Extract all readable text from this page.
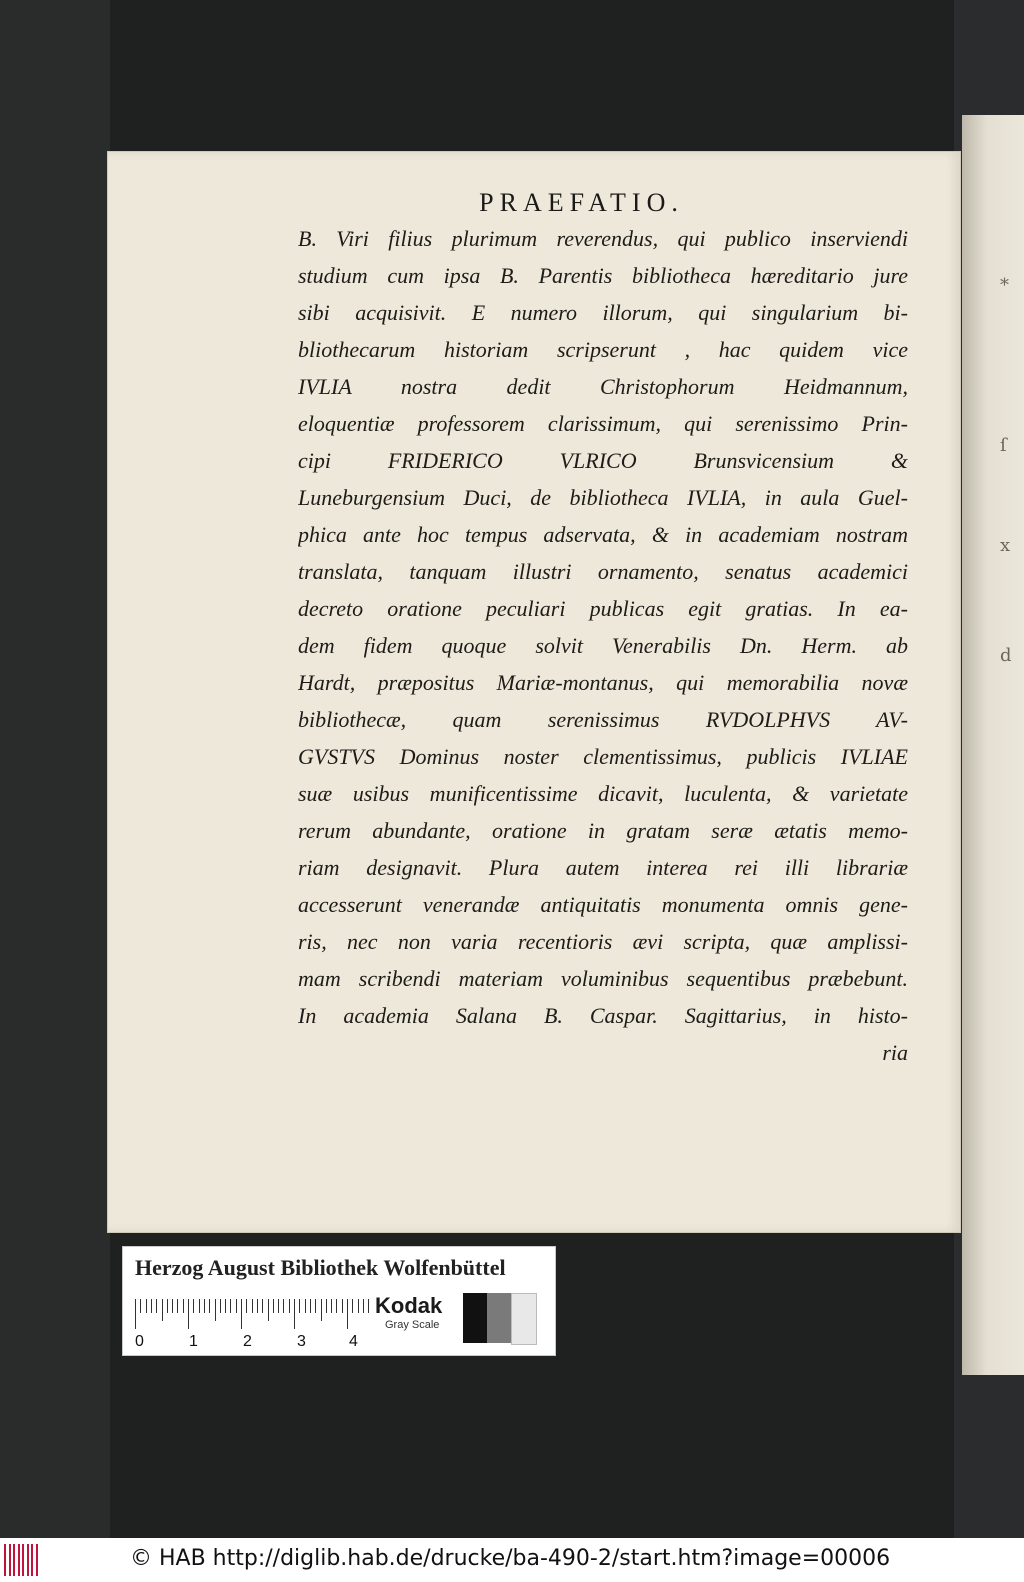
*
ſ
x
d
PRAEFATIO.
B. Viri filius plurimum reverendus, qui publico inserviendi
studium cum ipsa B. Parentis bibliotheca hæreditario jure
sibi acquisivit. E numero illorum, qui singularium bi-
bliothecarum historiam scripserunt , hac quidem vice
IVLIA nostra dedit Christophorum Heidmannum,
eloquentiæ professorem clarissimum, qui serenissimo Prin-
cipi FRIDERICO VLRICO Brunsvicensium &
Luneburgensium Duci, de bibliotheca IVLIA, in aula Guel-
phica ante hoc tempus adservata, & in academiam nostram
translata, tanquam illustri ornamento, senatus academici
decreto oratione peculiari publicas egit gratias. In ea-
dem fidem quoque solvit Venerabilis Dn. Herm. ab
Hardt, præpositus Mariæ-montanus, qui memorabilia novæ
bibliothecæ, quam serenissimus RVDOLPHVS AV-
GVSTVS Dominus noster clementissimus, publicis IVLIAE
suæ usibus munificentissime dicavit, luculenta, & varietate
rerum abundante, oratione in gratam seræ ætatis memo-
riam designavit. Plura autem interea rei illi librariæ
accesserunt venerandæ antiquitatis monumenta omnis gene-
ris, nec non varia recentioris ævi scripta, quæ amplissi-
mam scribendi materiam voluminibus sequentibus præbebunt.
In academia Salana B. Caspar. Sagittarius, in histo-
ria
Herzog August Bibliothek Wolfenbüttel
0	1	2	3	4
Kodak
Gray Scale
© HAB http://diglib.hab.de/drucke/ba-490-2/start.htm?image=00006
